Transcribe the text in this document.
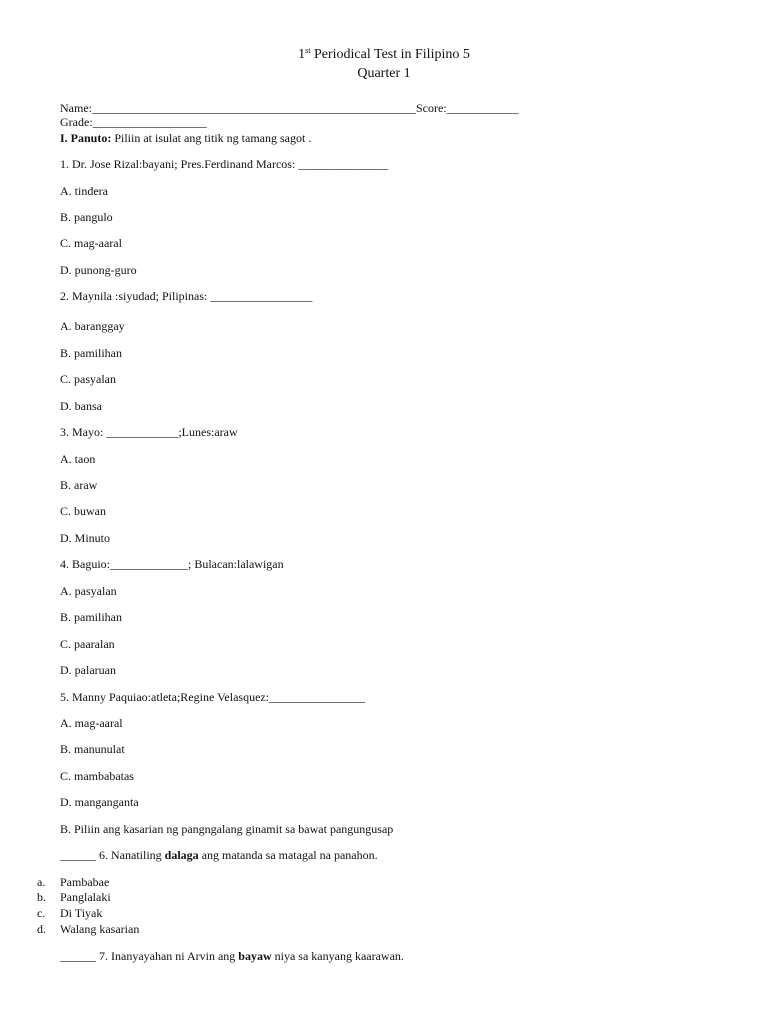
1st Periodical Test in Filipino 5
Quarter 1
Name:______________________________________________________Score:____________
Grade:___________________
I. Panuto: Piliin at isulat ang titik ng tamang sagot .
1. Dr. Jose Rizal:bayani; Pres.Ferdinand Marcos: _______________
A. tindera
B. pangulo
C. mag-aaral
D. punong-guro
2. Maynila :siyudad; Pilipinas: _________________
A. baranggay
B. pamilihan
C. pasyalan
D. bansa
3. Mayo: ____________;Lunes:araw
A. taon
B. araw
C. buwan
D. Minuto
4. Baguio:_____________; Bulacan:lalawigan
A. pasyalan
B. pamilihan
C. paaralan
D. palaruan
5. Manny Paquiao:atleta;Regine Velasquez:________________
A. mag-aaral
B. manunulat
C. mambabatas
D. manganganta
B. Piliin ang kasarian ng pangngalang ginamit sa bawat pangungusap
______ 6. Nanatiling dalaga ang matanda sa matagal na panahon.
a. Pambabae
b. Panglalaki
c. Di Tiyak
d. Walang kasarian
______ 7. Inanyayahan ni Arvin ang bayaw niya sa kanyang kaarawan.
